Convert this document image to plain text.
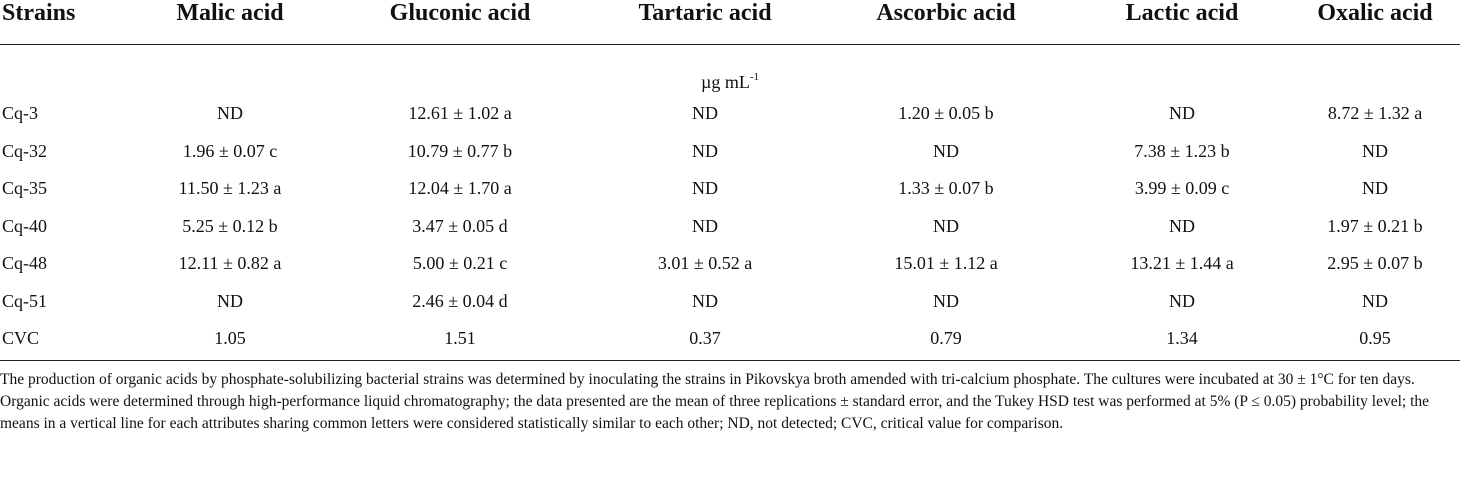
Strains	Malic acid	Gluconic acid	Tartaric acid	Ascorbic acid	Lactic acid	Oxalic acid
µg $mL^{-1}$
Cq-3	ND	12.61 ± 1.02 a	ND	1.20 ± 0.05 b	ND	8.72 ± 1.32 a
Cq-32	1.96 ± 0.07 c	10.79 ± 0.77 b	ND	ND	7.38 ± 1.23 b	ND
Cq-35	11.50 ± 1.23 a	12.04 ± 1.70 a	ND	1.33 ± 0.07 b	3.99 ± 0.09 c	ND
Cq-40	5.25 ± 0.12 b	3.47 ± 0.05 d	ND	ND	ND	1.97 ± 0.21 b
Cq-48	12.11 ± 0.82 a	5.00 ± 0.21 c	3.01 ± 0.52 a	15.01 ± 1.12 a	13.21 ± 1.44 a	2.95 ± 0.07 b
Cq-51	ND	2.46 ± 0.04 d	ND	ND	ND	ND
CVC	1.05	1.51	0.37	0.79	1.34	0.95
The production of organic acids by phosphate-solubilizing bacterial strains was determined by inoculating the strains in Pikovskya broth amended with tri-calcium phosphate. The cultures were incubated at 30 ± 1°C for ten days. Organic acids were determined through high-performance liquid chromatography; the data presented are the mean of three replications ± standard error, and the Tukey HSD test was performed at 5% (P ≤ 0.05) probability level; the means in a vertical line for each attributes sharing common letters were considered statistically similar to each other; ND, not detected; CVC, critical value for comparison.
